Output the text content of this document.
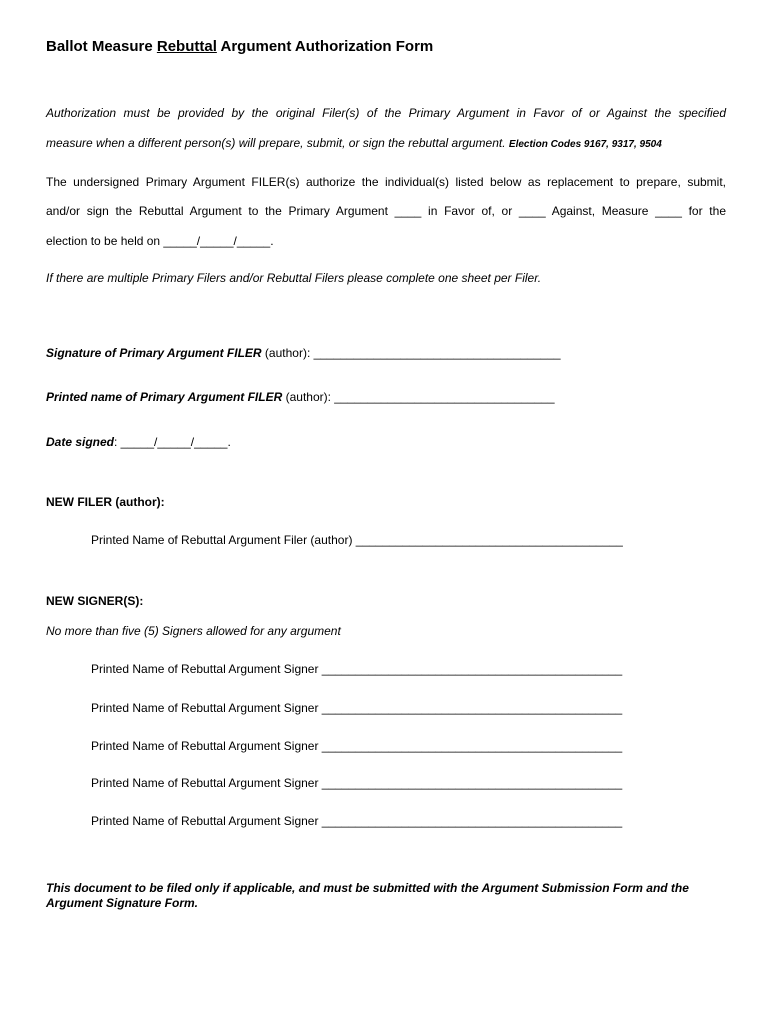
Ballot Measure Rebuttal Argument Authorization Form
Authorization must be provided by the original Filer(s) of the Primary Argument in Favor of or Against the specified
measure when a different person(s) will prepare, submit, or sign the rebuttal argument. Election Codes 9167, 9317, 9504
The undersigned Primary Argument FILER(s) authorize the individual(s) listed below as replacement to prepare, submit,
and/or sign the Rebuttal Argument to the Primary Argument ____ in Favor of, or ____ Against, Measure ____ for the
election to be held on _____/_____/_____.
If there are multiple Primary Filers and/or Rebuttal Filers please complete one sheet per Filer.
Signature of Primary Argument FILER (author): _____________________________________
Printed name of Primary Argument FILER (author): _________________________________
Date signed: _____/_____/_____.
NEW FILER (author):
Printed Name of Rebuttal Argument Filer (author) ________________________________________
NEW SIGNER(S):
No more than five (5) Signers allowed for any argument
Printed Name of Rebuttal Argument Signer _____________________________________________
Printed Name of Rebuttal Argument Signer _____________________________________________
Printed Name of Rebuttal Argument Signer _____________________________________________
Printed Name of Rebuttal Argument Signer _____________________________________________
Printed Name of Rebuttal Argument Signer _____________________________________________
This document to be filed only if applicable, and must be submitted with the Argument Submission Form and the
Argument Signature Form.
